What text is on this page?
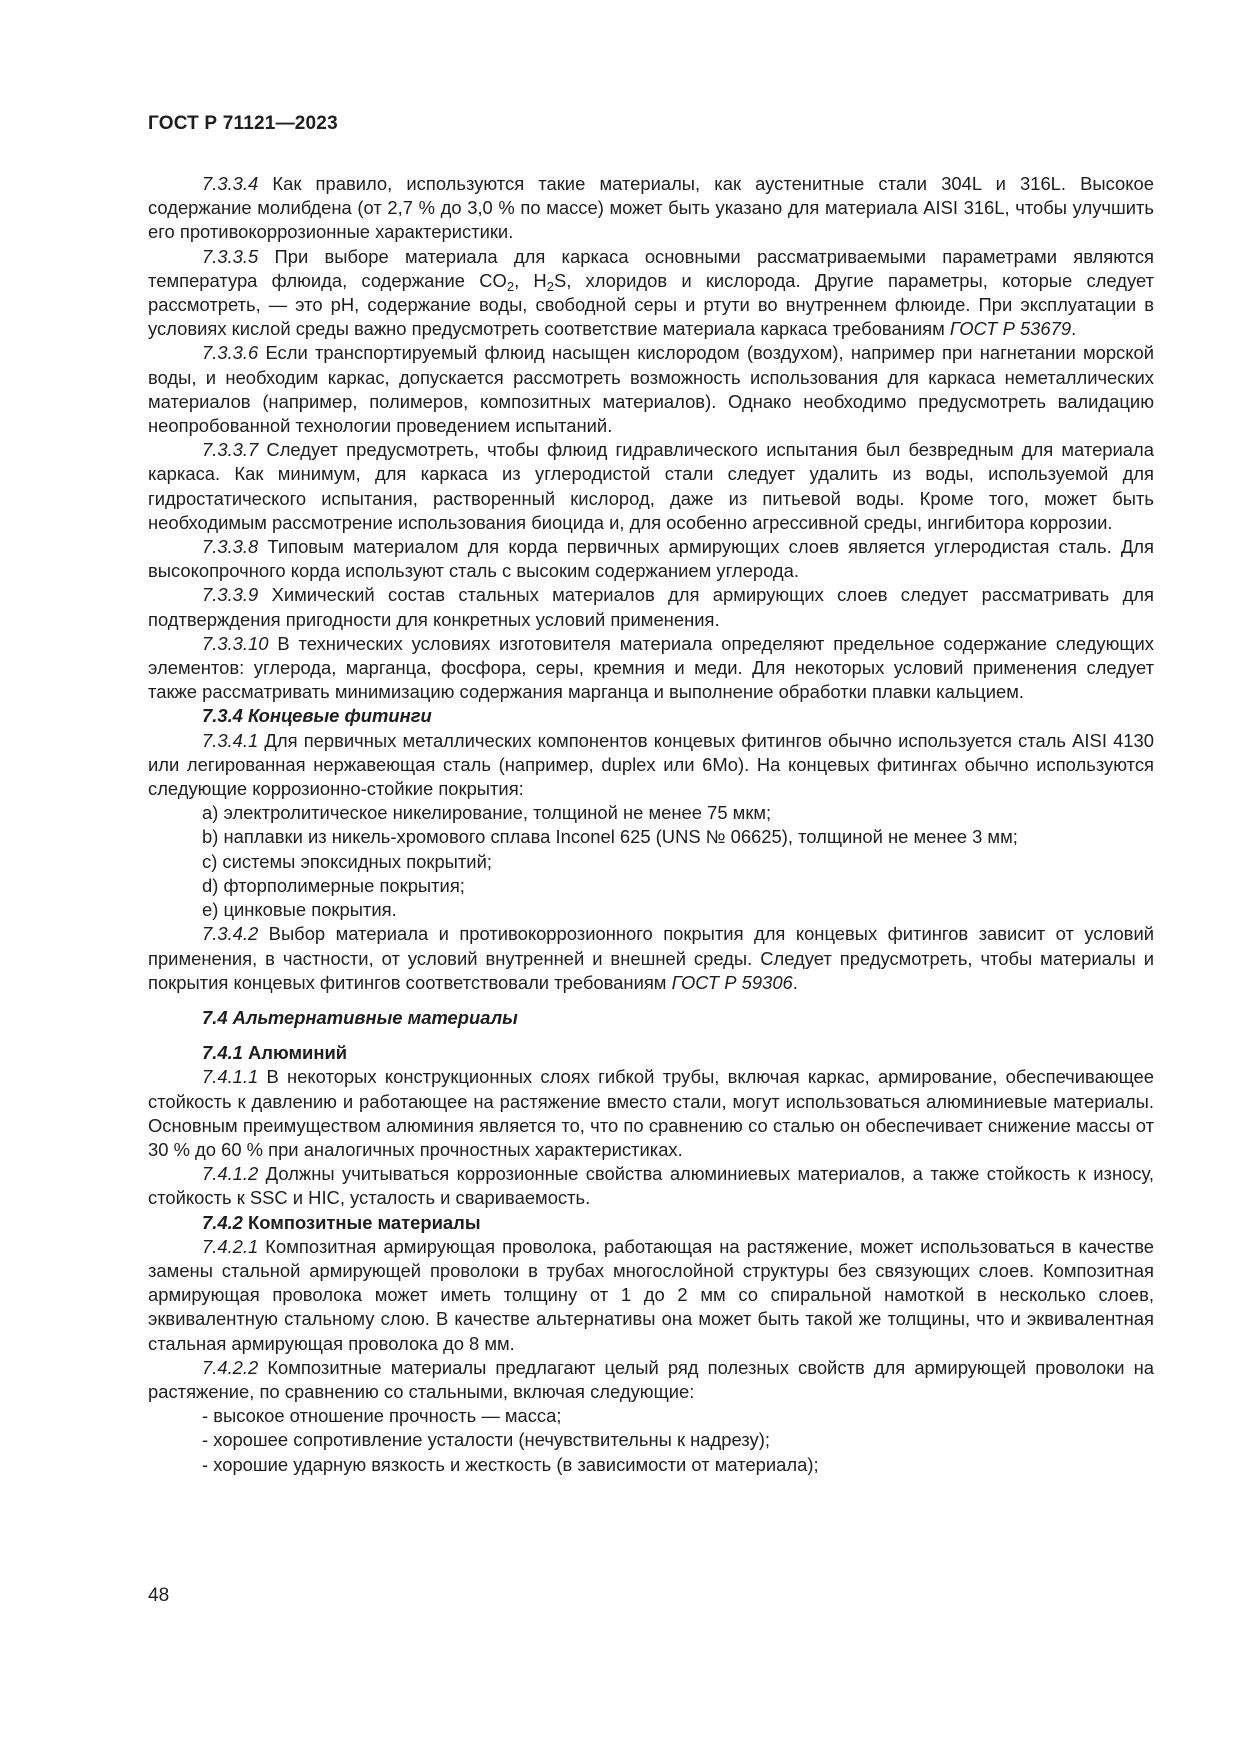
ГОСТ Р 71121—2023

7.3.3.4 Как правило, используются такие материалы, как аустенитные стали 304L и 316L. Высокое содержание молибдена (от 2,7 % до 3,0 % по массе) может быть указано для материала AISI 316L, чтобы улучшить его противокоррозионные характеристики.

7.3.3.5 При выборе материала для каркаса основными рассматриваемыми параметрами являются температура флюида, содержание $CO_2$, $H_2S$, хлоридов и кислорода. Другие параметры, которые следует рассмотреть, — это pH, содержание воды, свободной серы и ртути во внутреннем флюиде. При эксплуатации в условиях кислой среды важно предусмотреть соответствие материала каркаса требованиям ГОСТ Р 53679.

7.3.3.6 Если транспортируемый флюид насыщен кислородом (воздухом), например при нагнетании морской воды, и необходим каркас, допускается рассмотреть возможность использования для каркаса неметаллических материалов (например, полимеров, композитных материалов). Однако необходимо предусмотреть валидацию неопробованной технологии проведением испытаний.

7.3.3.7 Следует предусмотреть, чтобы флюид гидравлического испытания был безвредным для материала каркаса. Как минимум, для каркаса из углеродистой стали следует удалить из воды, используемой для гидростатического испытания, растворенный кислород, даже из питьевой воды. Кроме того, может быть необходимым рассмотрение использования биоцида и, для особенно агрессивной среды, ингибитора коррозии.

7.3.3.8 Типовым материалом для корда первичных армирующих слоев является углеродистая сталь. Для высокопрочного корда используют сталь с высоким содержанием углерода.

7.3.3.9 Химический состав стальных материалов для армирующих слоев следует рассматривать для подтверждения пригодности для конкретных условий применения.

7.3.3.10 В технических условиях изготовителя материала определяют предельное содержание следующих элементов: углерода, марганца, фосфора, серы, кремния и меди. Для некоторых условий применения следует также рассматривать минимизацию содержания марганца и выполнение обработки плавки кальцием.

7.3.4 Концевые фитинги

7.3.4.1 Для первичных металлических компонентов концевых фитингов обычно используется сталь AISI 4130 или легированная нержавеющая сталь (например, duplex или 6Mo). На концевых фитингах обычно используются следующие коррозионно-стойкие покрытия:

a) электролитическое никелирование, толщиной не менее 75 мкм;

b) наплавки из никель-хромового сплава Inconel 625 (UNS № 06625), толщиной не менее 3 мм;

c) системы эпоксидных покрытий;

d) фторполимерные покрытия;

e) цинковые покрытия.

7.3.4.2 Выбор материала и противокоррозионного покрытия для концевых фитингов зависит от условий применения, в частности, от условий внутренней и внешней среды. Следует предусмотреть, чтобы материалы и покрытия концевых фитингов соответствовали требованиям ГОСТ Р 59306.

7.4 Альтернативные материалы

7.4.1 Алюминий

7.4.1.1 В некоторых конструкционных слоях гибкой трубы, включая каркас, армирование, обеспечивающее стойкость к давлению и работающее на растяжение вместо стали, могут использоваться алюминиевые материалы. Основным преимуществом алюминия является то, что по сравнению со сталью он обеспечивает снижение массы от 30 % до 60 % при аналогичных прочностных характеристиках.

7.4.1.2 Должны учитываться коррозионные свойства алюминиевых материалов, а также стойкость к износу, стойкость к SSC и HIC, усталость и свариваемость.

7.4.2 Композитные материалы

7.4.2.1 Композитная армирующая проволока, работающая на растяжение, может использоваться в качестве замены стальной армирующей проволоки в трубах многослойной структуры без связующих слоев. Композитная армирующая проволока может иметь толщину от 1 до 2 мм со спиральной намоткой в несколько слоев, эквивалентную стальному слою. В качестве альтернативы она может быть такой же толщины, что и эквивалентная стальная армирующая проволока до 8 мм.

7.4.2.2 Композитные материалы предлагают целый ряд полезных свойств для армирующей проволоки на растяжение, по сравнению со стальными, включая следующие:

- высокое отношение прочность — масса;

- хорошее сопротивление усталости (нечувствительны к надрезу);

- хорошие ударную вязкость и жесткость (в зависимости от материала);

48
